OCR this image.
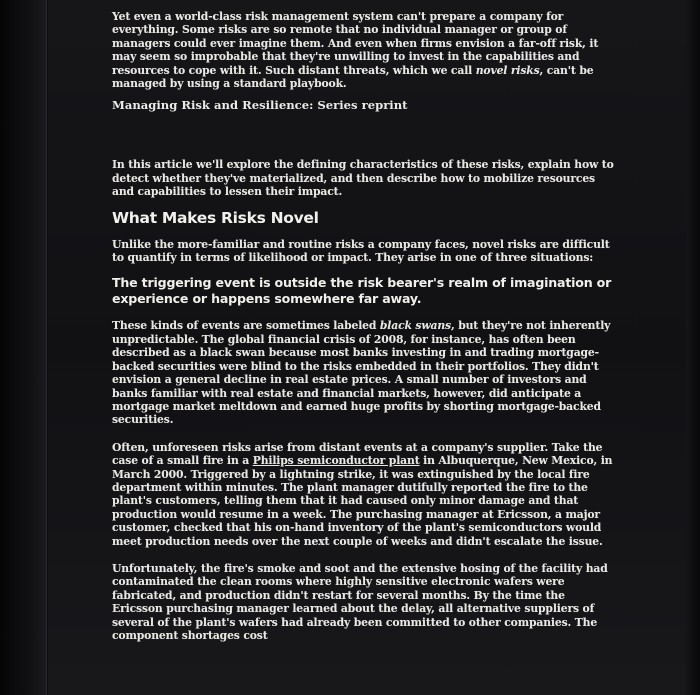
Yet even a world-class risk management system can't prepare a company for everything. Some risks are so remote that no individual manager or group of managers could ever imagine them. And even when firms envision a far-off risk, it may seem so improbable that they're unwilling to invest in the capabilities and resources to cope with it. Such distant threats, which we call novel risks, can't be managed by using a standard playbook.

Managing Risk and Resilience: Series reprint

In this article we'll explore the defining characteristics of these risks, explain how to detect whether they've materialized, and then describe how to mobilize resources and capabilities to lessen their impact.

What Makes Risks Novel

Unlike the more-familiar and routine risks a company faces, novel risks are difficult to quantify in terms of likelihood or impact. They arise in one of three situations:

The triggering event is outside the risk bearer's realm of imagination or experience or happens somewhere far away.

These kinds of events are sometimes labeled black swans, but they're not inherently unpredictable. The global financial crisis of 2008, for instance, has often been described as a black swan because most banks investing in and trading mortgage-backed securities were blind to the risks embedded in their portfolios. They didn't envision a general decline in real estate prices. A small number of investors and banks familiar with real estate and financial markets, however, did anticipate a mortgage market meltdown and earned huge profits by shorting mortgage-backed securities.

Often, unforeseen risks arise from distant events at a company's supplier. Take the case of a small fire in a Philips semiconductor plant in Albuquerque, New Mexico, in March 2000. Triggered by a lightning strike, it was extinguished by the local fire department within minutes. The plant manager dutifully reported the fire to the plant's customers, telling them that it had caused only minor damage and that production would resume in a week. The purchasing manager at Ericsson, a major customer, checked that his on-hand inventory of the plant's semiconductors would meet production needs over the next couple of weeks and didn't escalate the issue.

Unfortunately, the fire's smoke and soot and the extensive hosing of the facility had contaminated the clean rooms where highly sensitive electronic wafers were fabricated, and production didn't restart for several months. By the time the Ericsson purchasing manager learned about the delay, all alternative suppliers of several of the plant's wafers had already been committed to other companies. The component shortages cost
